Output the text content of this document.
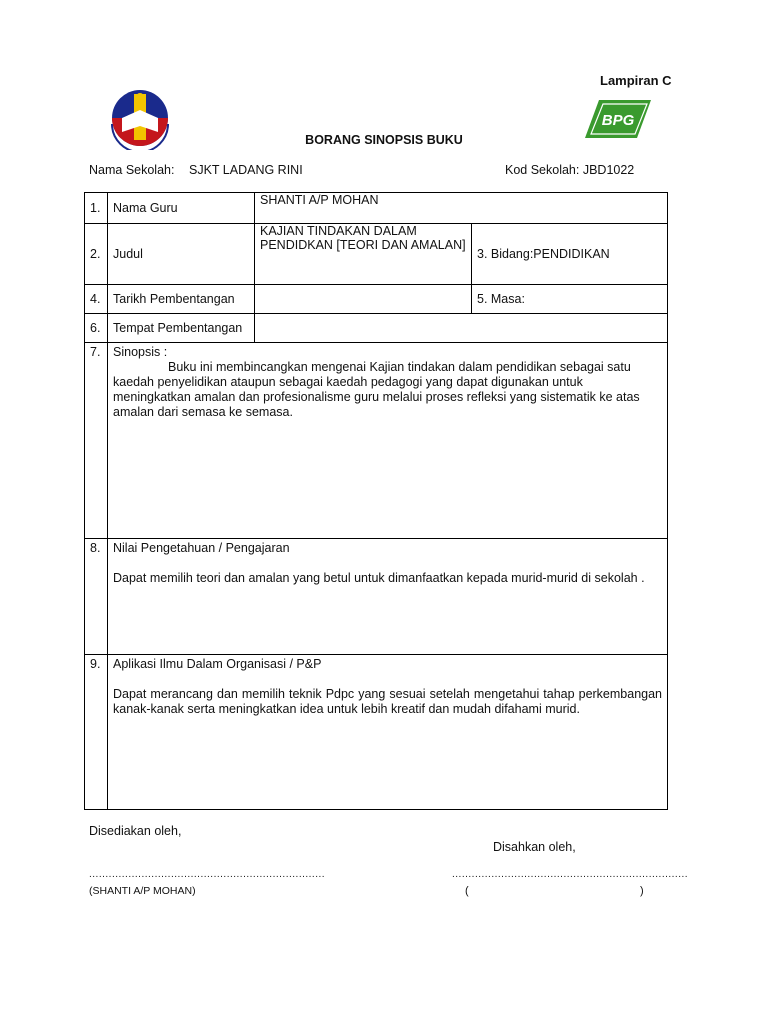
Lampiran C
BPG
BORANG SINOPSIS BUKU
Nama Sekolah: SJKT LADANG RINI	Kod Sekolah: JBD1022
1.	Nama Guru	SHANTI A/P MOHAN	
2.	Judul	KAJIAN TINDAKAN DALAM PENDIDKAN [TEORI DAN AMALAN]	3. Bidang:PENDIDIKAN
4.	Tarikh Pembentangan		5. Masa:
6.	Tempat Pembentangan		
7.	Sinopsis :

Buku ini membincangkan mengenai Kajian tindakan dalam pendidikan sebagai satu

kaedah penyelidikan ataupun sebagai kaedah pedagogi yang dapat digunakan untuk meningkatkan amalan dan profesionalisme guru melalui proses refleksi yang sistematik ke atas amalan dari semasa ke semasa.		

8.	Nilai Pengetahuan / Pengajaran

Dapat memilih teori dan amalan yang betul untuk dimanfaatkan kepada murid-murid di sekolah .		

9.	Aplikasi Ilmu Dalam Organisasi / P&P

Dapat merancang dan memilih teknik Pdpc yang sesuai setelah mengetahui tahap perkembangan kanak-kanak serta meningkatkan idea untuk lebih kreatif dan mudah difahami murid.		

Disediakan oleh,
Disahkan oleh,
........................................................................	........................................................................
(SHANTI A/P MOHAN)	(	)
